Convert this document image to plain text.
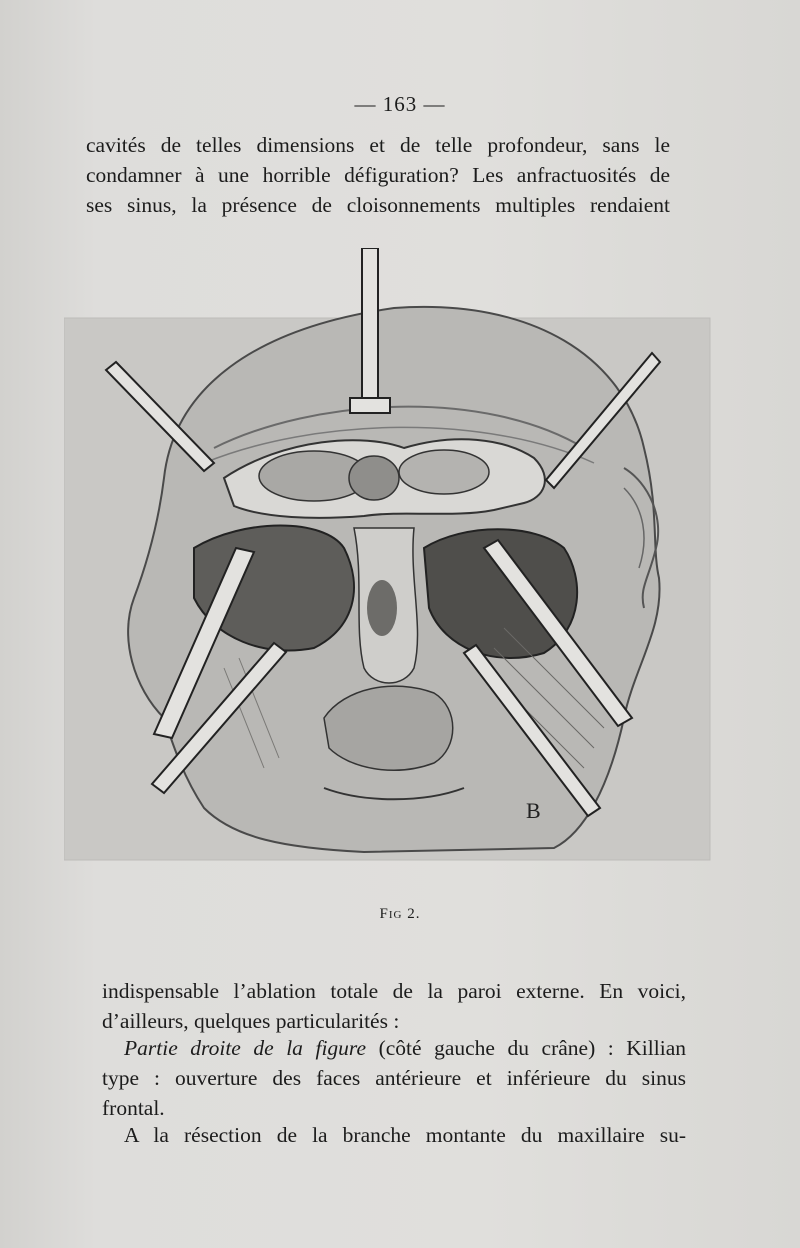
— 163 —
cavités de telles dimensions et de telle profondeur, sans le
condamner à une horrible défiguration? Les anfractuosités de
ses sinus, la présence de cloisonnements multiples rendaient
B
Fig 2.
indispensable l’ablation totale de la paroi externe. En voici,
d’ailleurs, quelques particularités :
Partie droite de la figure (côté gauche du crâne) : Killian
type : ouverture des faces antérieure et inférieure du sinus
frontal.
A la résection de la branche montante du maxillaire su-
